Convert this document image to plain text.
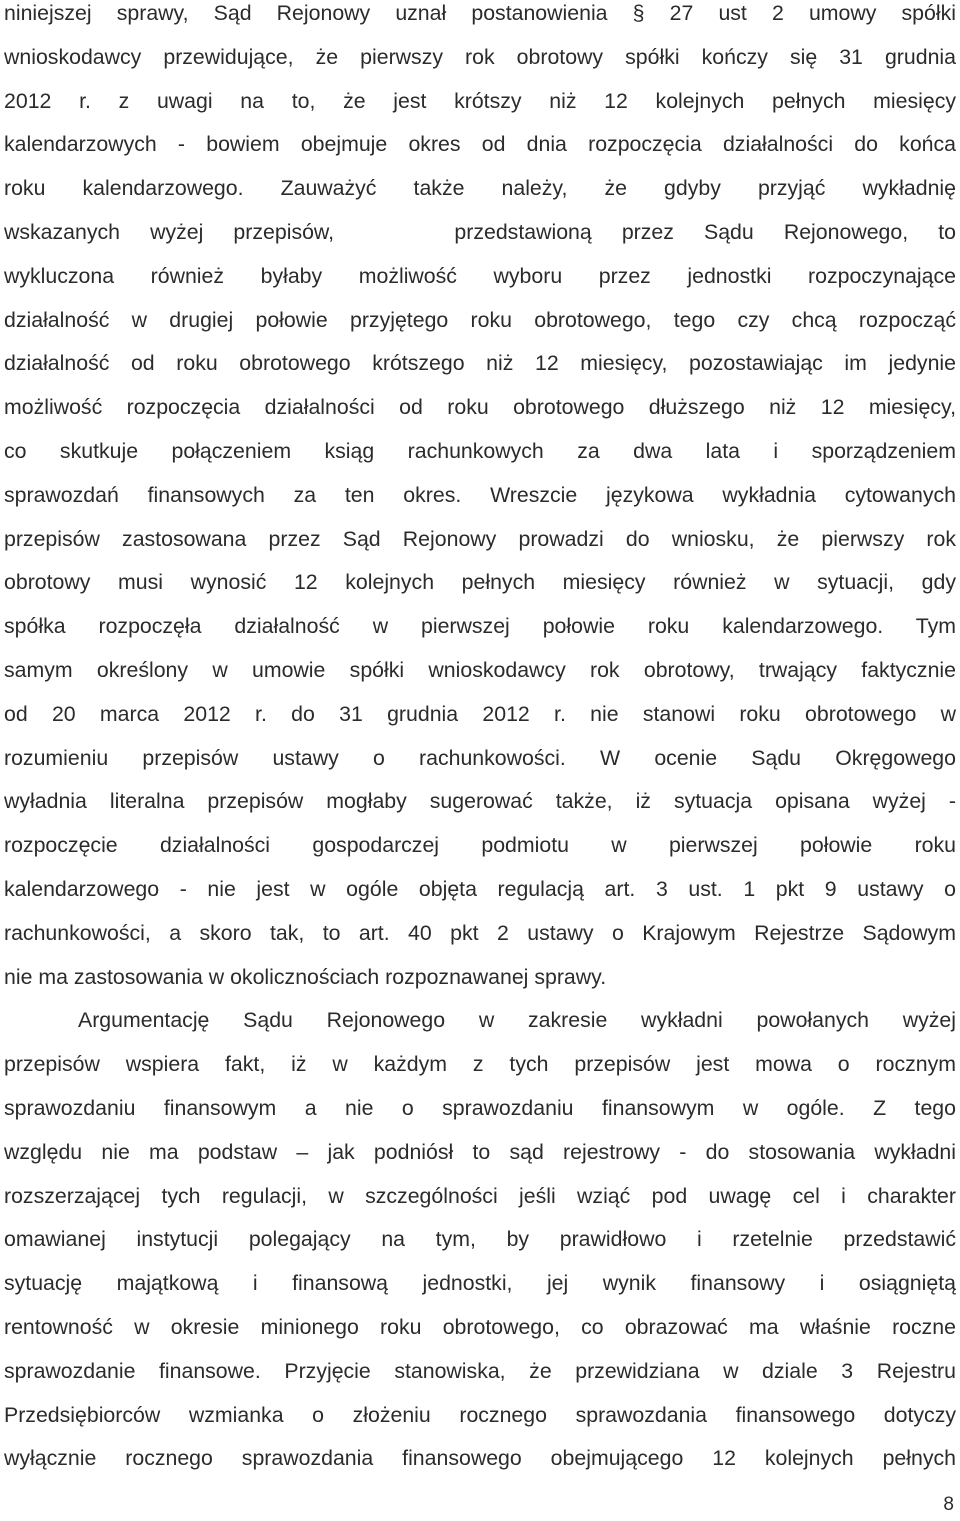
niniejszej sprawy, Sąd Rejonowy uznał postanowienia § 27 ust 2 umowy spółki
wnioskodawcy przewidujące, że pierwszy rok obrotowy spółki kończy się 31 grudnia
2012 r. z uwagi na to, że jest krótszy niż 12 kolejnych pełnych miesięcy
kalendarzowych - bowiem obejmuje okres od dnia rozpoczęcia działalności do końca
roku kalendarzowego. Zauważyć także należy, że gdyby przyjąć wykładnię
wskazanych wyżej przepisów,    przedstawioną przez Sądu Rejonowego, to
wykluczona również byłaby możliwość wyboru przez jednostki rozpoczynające
działalność w drugiej połowie przyjętego roku obrotowego, tego czy chcą rozpocząć
działalność od roku obrotowego krótszego niż 12 miesięcy, pozostawiając im jedynie
możliwość rozpoczęcia działalności od roku obrotowego dłuższego niż 12 miesięcy,
co skutkuje połączeniem ksiąg rachunkowych za dwa lata i sporządzeniem
sprawozdań finansowych za ten okres. Wreszcie językowa wykładnia cytowanych
przepisów zastosowana przez Sąd Rejonowy prowadzi do wniosku, że pierwszy rok
obrotowy musi wynosić 12 kolejnych pełnych miesięcy również w sytuacji, gdy
spółka rozpoczęła działalność w pierwszej połowie roku kalendarzowego. Tym
samym określony w umowie spółki wnioskodawcy rok obrotowy, trwający faktycznie
od 20 marca 2012 r. do 31 grudnia 2012 r. nie stanowi roku obrotowego w
rozumieniu przepisów ustawy o rachunkowości. W ocenie Sądu Okręgowego
wyładnia literalna przepisów mogłaby sugerować także, iż sytuacja opisana wyżej -
rozpoczęcie działalności gospodarczej podmiotu w pierwszej połowie roku
kalendarzowego - nie jest w ogóle objęta regulacją art. 3 ust. 1 pkt 9 ustawy o
rachunkowości, a skoro tak, to art. 40 pkt 2 ustawy o Krajowym Rejestrze Sądowym
nie ma zastosowania w okolicznościach rozpoznawanej sprawy.
Argumentację Sądu Rejonowego w zakresie wykładni powołanych wyżej
przepisów wspiera fakt, iż w każdym z tych przepisów jest mowa o rocznym
sprawozdaniu finansowym a nie o sprawozdaniu finansowym w ogóle. Z tego
względu nie ma podstaw – jak podniósł to sąd rejestrowy - do stosowania wykładni
rozszerzającej tych regulacji, w szczególności jeśli wziąć pod uwagę cel i charakter
omawianej instytucji polegający na tym, by prawidłowo i rzetelnie przedstawić
sytuację majątkową i finansową jednostki, jej wynik finansowy i osiągniętą
rentowność w okresie minionego roku obrotowego, co obrazować ma właśnie roczne
sprawozdanie finansowe. Przyjęcie stanowiska, że przewidziana w dziale 3 Rejestru
Przedsiębiorców wzmianka o złożeniu rocznego sprawozdania finansowego dotyczy
wyłącznie rocznego sprawozdania finansowego obejmującego 12 kolejnych pełnych
8
